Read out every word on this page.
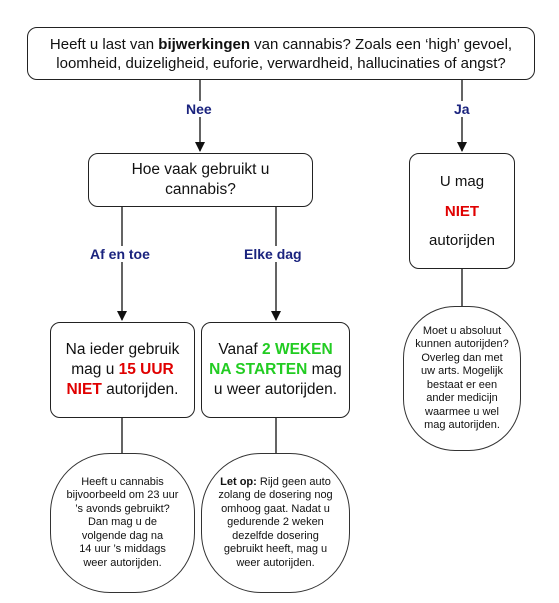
Heeft u last van bijwerkingen van cannabis? Zoals een ‘high’ gevoel,
loomheid, duizeligheid, euforie, verwardheid, hallucinaties of angst?
Nee	Ja
Af en toe	Elke dag
Hoe vaak gebruikt u
cannabis?	U mag
NIET
autorijden
Na ieder gebruik
mag u 15 UUR
NIET autorijden.
Vanaf 2 WEKEN
NA STARTEN mag
u weer autorijden.
Moet u absoluut
kunnen autorijden?
Overleg dan met
uw arts. Mogelijk
bestaat er een
ander medicijn
waarmee u wel
mag autorijden.
Heeft u cannabis
bijvoorbeeld om 23 uur
’s avonds gebruikt?
Dan mag u de
volgende dag na
14 uur ’s middags
weer autorijden.
Let op: Rijd geen auto
zolang de dosering nog
omhoog gaat. Nadat u
gedurende 2 weken
dezelfde dosering
gebruikt heeft, mag u
weer autorijden.
